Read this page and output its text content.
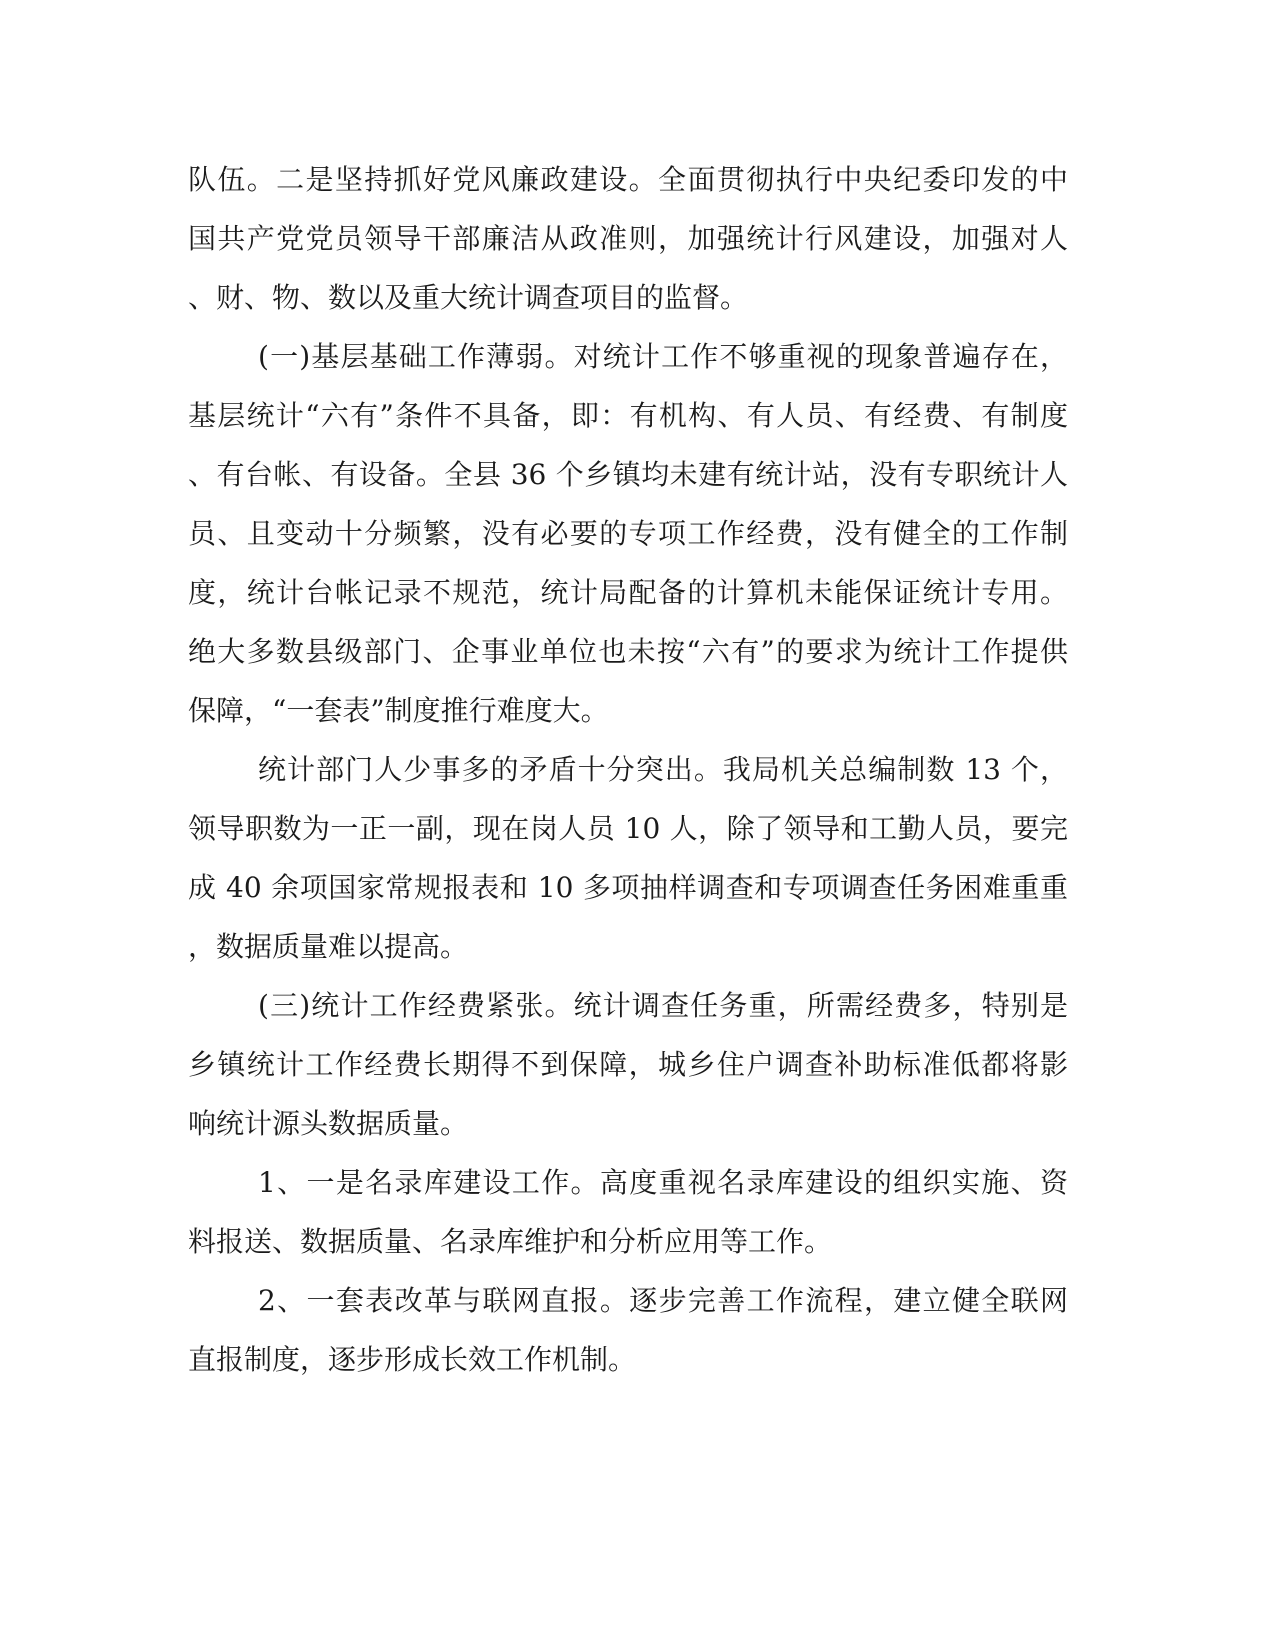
队伍。二是坚持抓好党风廉政建设。全面贯彻执行中央纪委印发的中
国共产党党员领导干部廉洁从政准则，加强统计行风建设，加强对人
、财、物、数以及重大统计调查项目的监督。
(一)基层基础工作薄弱。对统计工作不够重视的现象普遍存在，
基层统计“六有”条件不具备，即：有机构、有人员、有经费、有制度
、有台帐、有设备。全县 36 个乡镇均未建有统计站，没有专职统计人
员、且变动十分频繁，没有必要的专项工作经费，没有健全的工作制
度，统计台帐记录不规范，统计局配备的计算机未能保证统计专用。
绝大多数县级部门、企事业单位也未按“六有”的要求为统计工作提供
保障，“一套表”制度推行难度大。
统计部门人少事多的矛盾十分突出。我局机关总编制数 13 个，
领导职数为一正一副，现在岗人员 10 人，除了领导和工勤人员，要完
成 40 余项国家常规报表和 10 多项抽样调查和专项调查任务困难重重
，数据质量难以提高。
(三)统计工作经费紧张。统计调查任务重，所需经费多，特别是
乡镇统计工作经费长期得不到保障，城乡住户调查补助标准低都将影
响统计源头数据质量。
1、一是名录库建设工作。高度重视名录库建设的组织实施、资
料报送、数据质量、名录库维护和分析应用等工作。
2、一套表改革与联网直报。逐步完善工作流程，建立健全联网
直报制度，逐步形成长效工作机制。
